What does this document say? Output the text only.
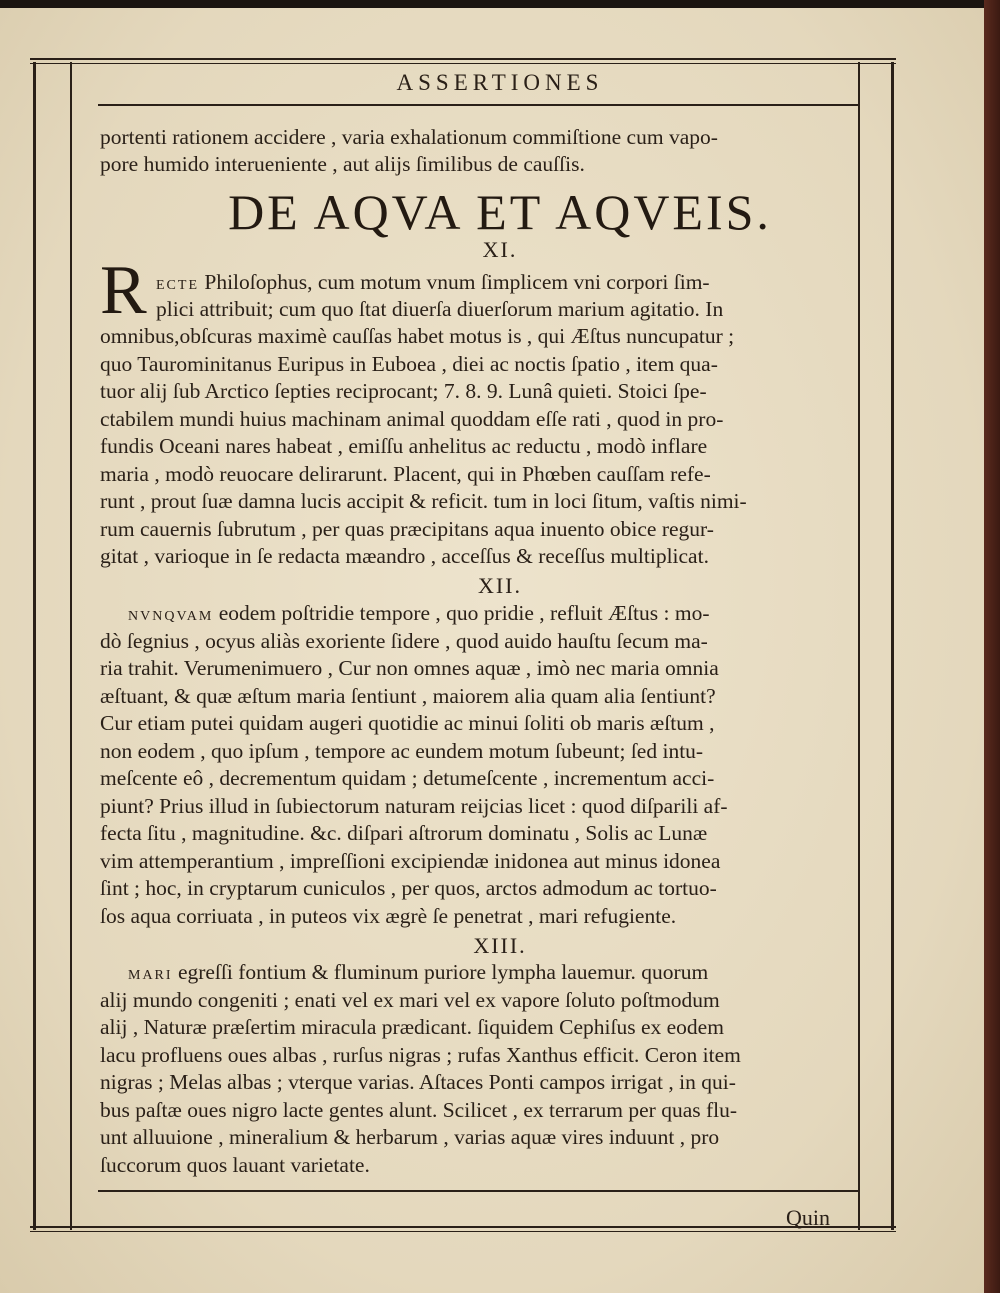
ASSERTIONES
portenti rationem accidere , varia exhalationum commiſtione cum vapo-
pore humido interueniente , aut alijs ſimilibus de cauſſis.
DE AQVA ET AQVEIS.
XI.
R ECTE Philoſophus, cum motum vnum ſimplicem vni corpori ſim-
plici attribuit; cum quo ſtat diuerſa diuerſorum marium agitatio. In
omnibus,obſcuras maximè cauſſas habet motus is , qui Æſtus nuncupatur ;
quo Taurominitanus Euripus in Euboea , diei ac noctis ſpatio , item qua-
tuor alij ſub Arctico ſepties reciprocant; 7. 8. 9. Lunâ quieti. Stoici ſpe-
ctabilem mundi huius machinam animal quoddam eſſe rati , quod in pro-
fundis Oceani nares habeat , emiſſu anhelitus ac reductu , modò inflare
maria , modò reuocare delirarunt. Placent, qui in Phœben cauſſam refe-
runt , prout ſuæ damna lucis accipit & reficit. tum in loci ſitum, vaſtis nimi-
rum cauernis ſubrutum , per quas præcipitans aqua inuento obice regur-
gitat , varioque in ſe redacta mæandro , acceſſus & receſſus multiplicat.
XII.
NVNQVAM eodem poſtridie tempore , quo pridie , refluit Æſtus : mo-
dò ſegnius , ocyus aliàs exoriente ſidere , quod auido hauſtu ſecum ma-
ria trahit. Verumenimuero , Cur non omnes aquæ , imò nec maria omnia
æſtuant, & quæ æſtum maria ſentiunt , maiorem alia quam alia ſentiunt?
Cur etiam putei quidam augeri quotidie ac minui ſoliti ob maris æſtum ,
non eodem , quo ipſum , tempore ac eundem motum ſubeunt; ſed intu-
meſcente eô , decrementum quidam ; detumeſcente , incrementum acci-
piunt? Prius illud in ſubiectorum naturam reijcias licet : quod diſparili af-
fecta ſitu , magnitudine. &c. diſpari aſtrorum dominatu , Solis ac Lunæ
vim attemperantium , impreſſioni excipiendæ inidonea aut minus idonea
ſint ; hoc, in cryptarum cuniculos , per quos, arctos admodum ac tortuo-
ſos aqua corriuata , in puteos vix ægrè ſe penetrat , mari refugiente.
XIII.
MARI egreſſi fontium & fluminum puriore lympha lauemur. quorum
alij mundo congeniti ; enati vel ex mari vel ex vapore ſoluto poſtmodum
alij , Naturæ præſertim miracula prædicant. ſiquidem Cephiſus ex eodem
lacu profluens oues albas , rurſus nigras ; rufas Xanthus efficit. Ceron item
nigras ; Melas albas ; vterque varias. Aſtaces Ponti campos irrigat , in qui-
bus paſtæ oues nigro lacte gentes alunt. Scilicet , ex terrarum per quas flu-
unt alluuione , mineralium & herbarum , varias aquæ vires induunt , pro
ſuccorum quos lauant varietate.
Quin
